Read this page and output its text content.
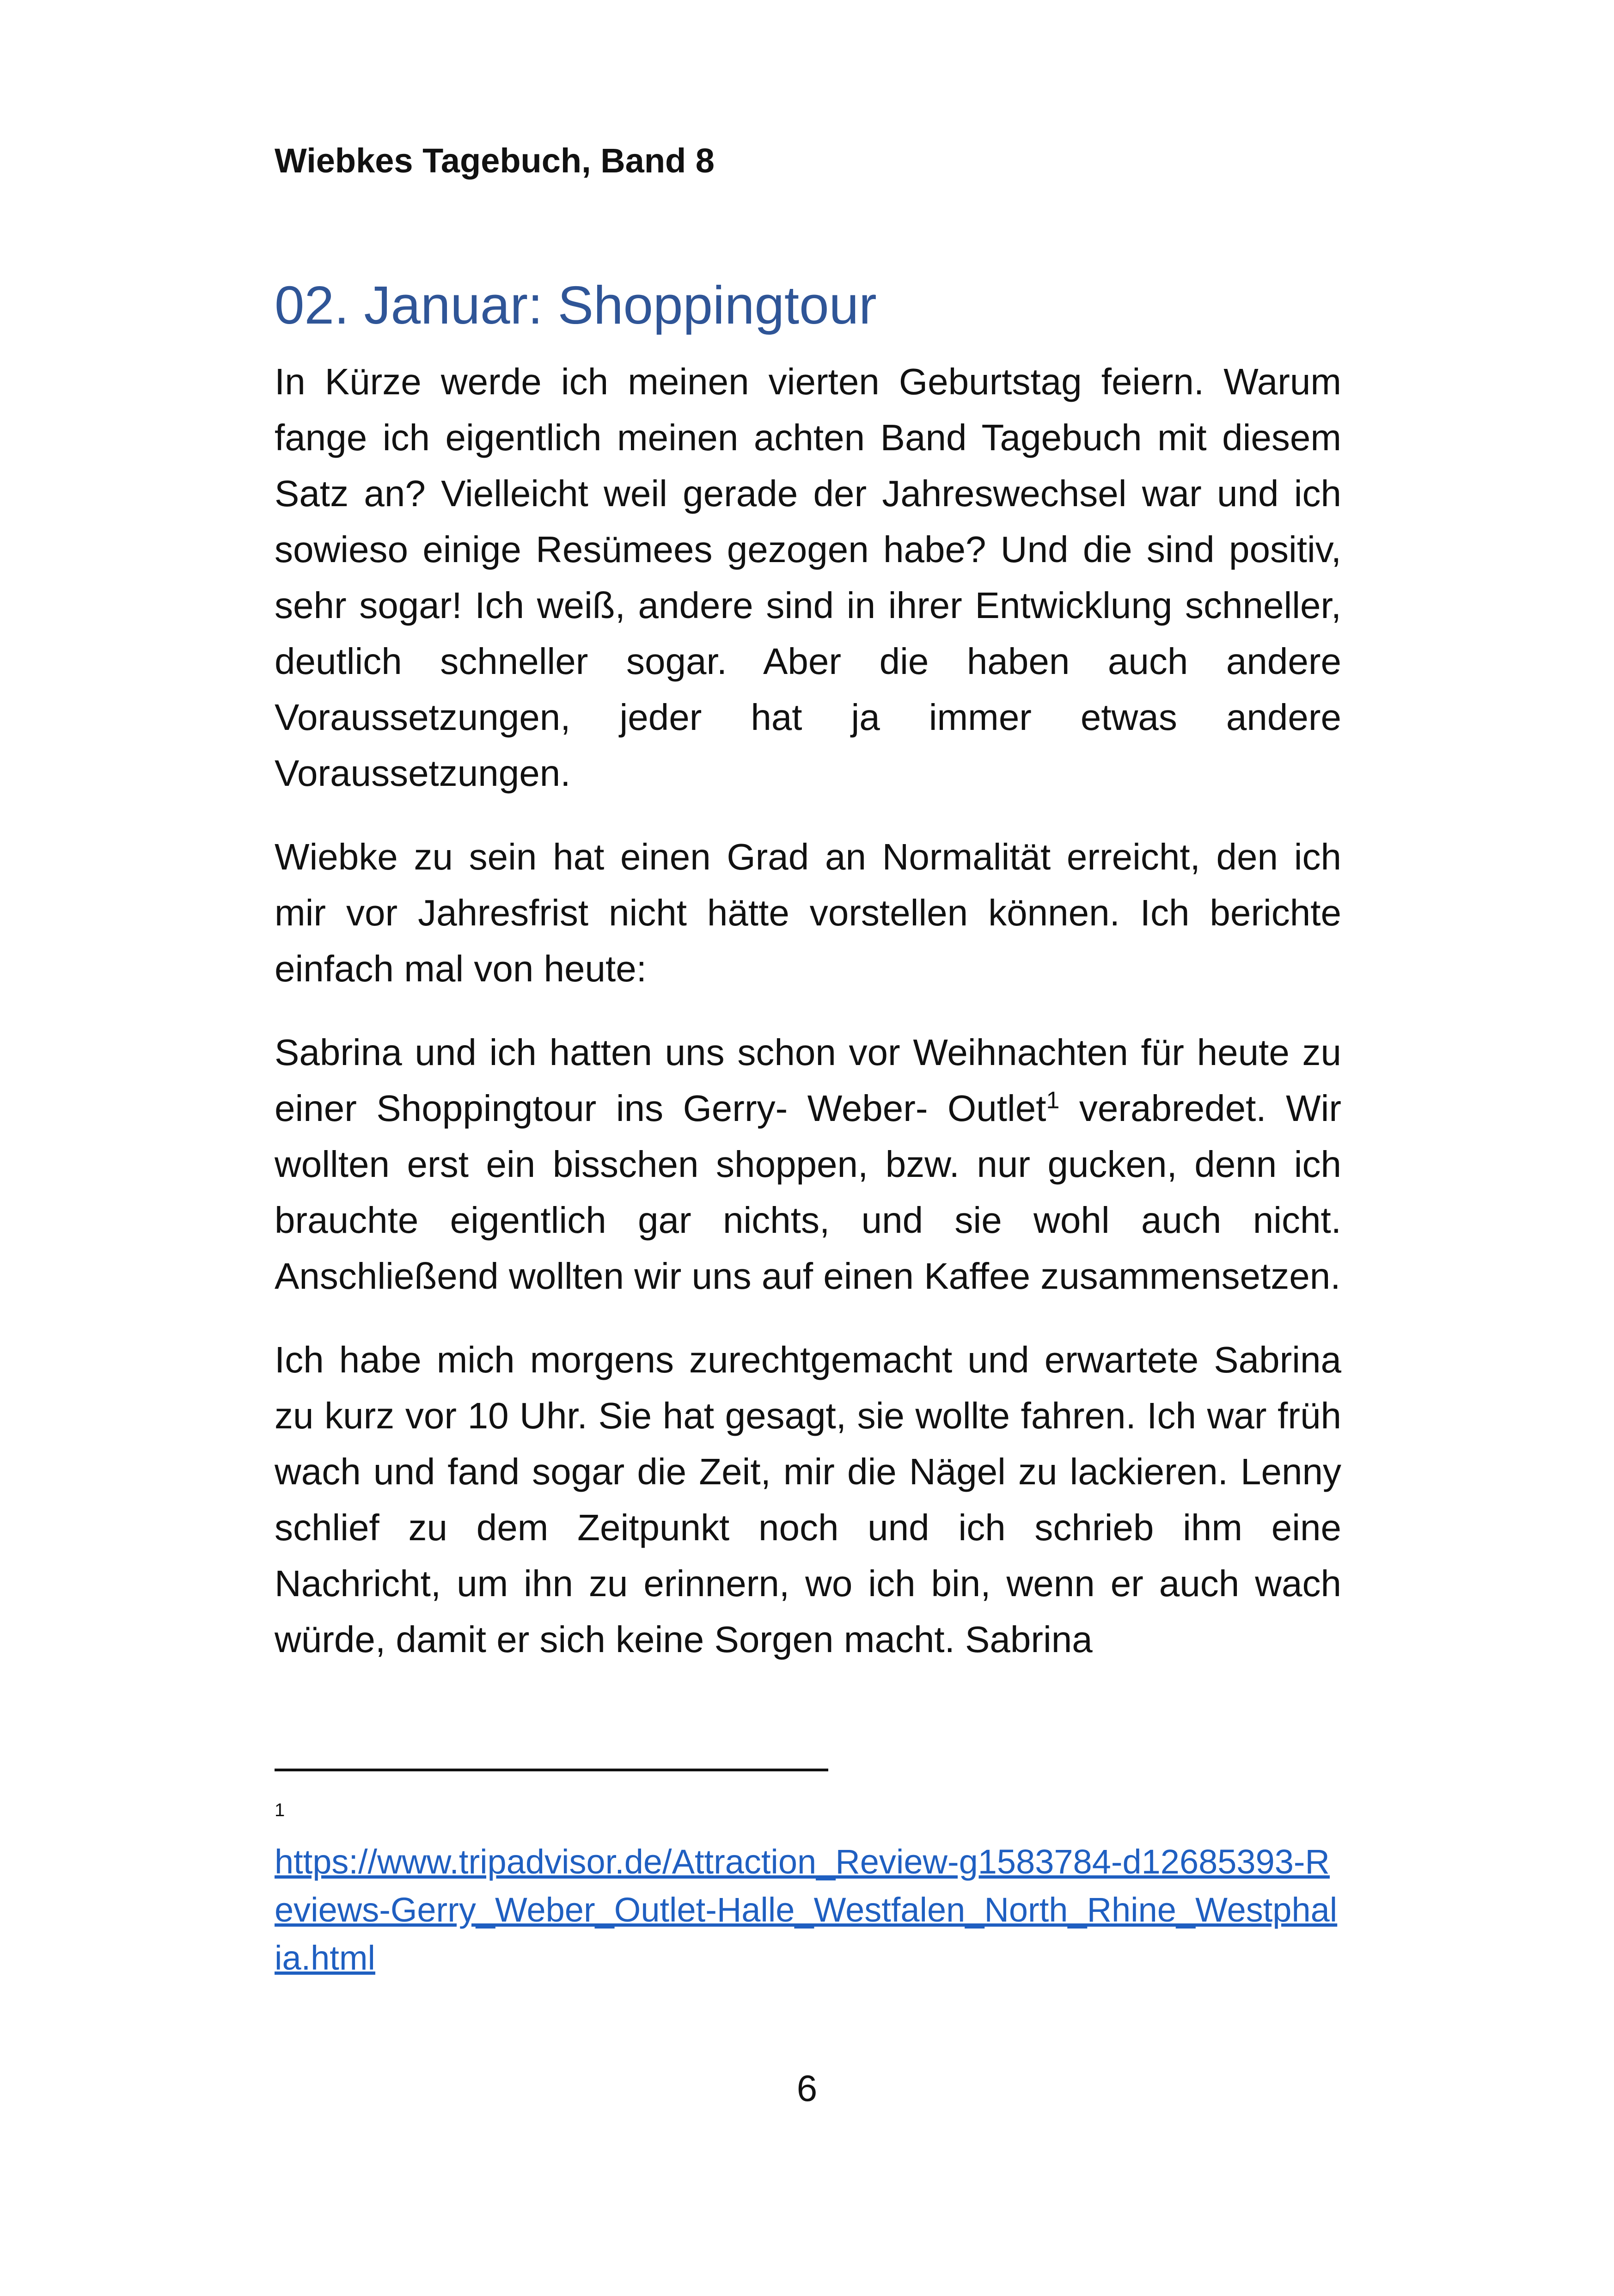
Wiebkes Tagebuch, Band 8

02. Januar: Shoppingtour

In Kürze werde ich meinen vierten Geburtstag feiern. Warum fange ich eigentlich meinen achten Band Tagebuch mit diesem Satz an? Vielleicht weil gerade der Jahreswechsel war und ich sowieso einige Resümees gezogen habe? Und die sind positiv, sehr sogar! Ich weiß, andere sind in ihrer Entwicklung schneller, deutlich schneller sogar. Aber die haben auch andere Voraussetzungen, jeder hat ja immer etwas andere Voraussetzungen.

Wiebke zu sein hat einen Grad an Normalität erreicht, den ich mir vor Jahresfrist nicht hätte vorstellen können. Ich berichte einfach mal von heute:

Sabrina und ich hatten uns schon vor Weihnachten für heute zu einer Shoppingtour ins Gerry- Weber- Outlet$^1$ verabredet. Wir wollten erst ein bisschen shoppen, bzw. nur gucken, denn ich brauchte eigentlich gar nichts, und sie wohl auch nicht. Anschließend wollten wir uns auf einen Kaffee zusammensetzen.

Ich habe mich morgens zurechtgemacht und erwartete Sabrina zu kurz vor 10 Uhr. Sie hat gesagt, sie wollte fahren. Ich war früh wach und fand sogar die Zeit, mir die Nägel zu lackieren. Lenny schlief zu dem Zeitpunkt noch und ich schrieb ihm eine Nachricht, um ihn zu erinnern, wo ich bin, wenn er auch wach würde, damit er sich keine Sorgen macht. Sabrina

1
https://www.tripadvisor.de/Attraction_Review-g1583784-d12685393-Reviews-Gerry_Weber_Outlet-Halle_Westfalen_North_Rhine_Westphalia.html
6
